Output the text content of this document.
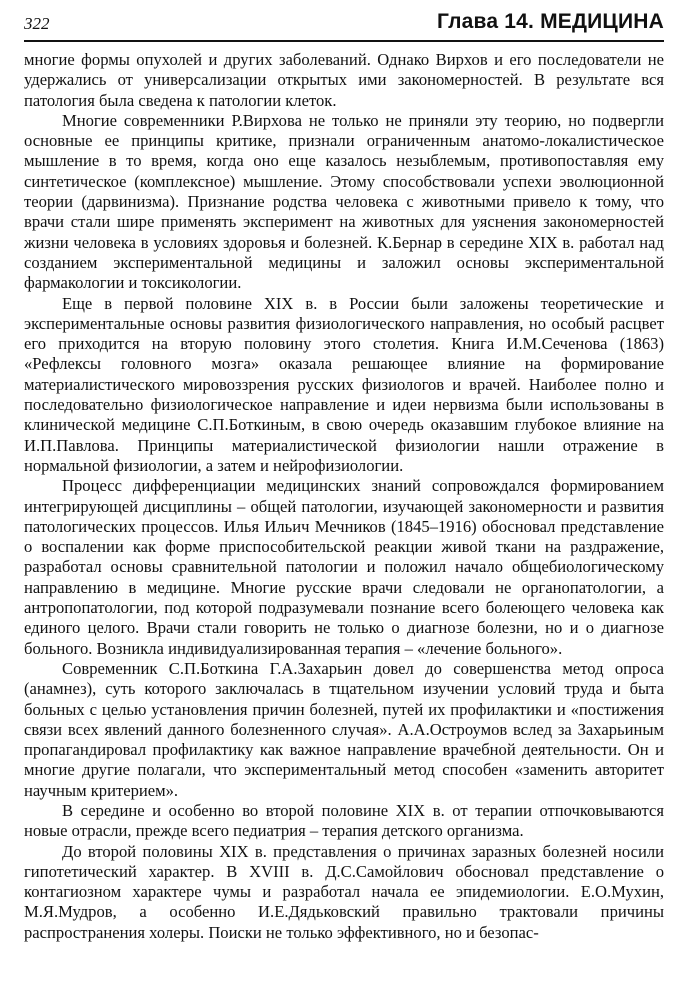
322	Глава 14. МЕДИЦИНА

многие формы опухолей и других заболеваний. Однако Вирхов и его последователи не удержались от универсализации открытых ими закономерностей. В результате вся патология была сведена к патологии клеток.

Многие современники Р.Вирхова не только не приняли эту теорию, но подвергли основные ее принципы критике, признали ограниченным анатомо-локалистическое мышление в то время, когда оно еще казалось незыблемым, противопоставляя ему синтетическое (комплексное) мышление. Этому способствовали успехи эволюционной теории (дарвинизма). Признание родства человека с животными привело к тому, что врачи стали шире применять эксперимент на животных для уяснения закономерностей жизни человека в условиях здоровья и болезней. К.Бернар в середине XIX в. работал над созданием экспериментальной медицины и заложил основы экспериментальной фармакологии и токсикологии.

Еще в первой половине XIX в. в России были заложены теоретические и экспериментальные основы развития физиологического направления, но особый расцвет его приходится на вторую половину этого столетия. Книга И.М.Сеченова (1863) «Рефлексы головного мозга» оказала решающее влияние на формирование материалистического мировоззрения русских физиологов и врачей. Наиболее полно и последовательно физиологическое направление и идеи нервизма были использованы в клинической медицине С.П.Боткиным, в свою очередь оказавшим глубокое влияние на И.П.Павлова. Принципы материалистической физиологии нашли отражение в нормальной физиологии, а затем и нейрофизиологии.

Процесс дифференциации медицинских знаний сопровождался формированием интегрирующей дисциплины – общей патологии, изучающей закономерности и развития патологических процессов. Илья Ильич Мечников (1845–1916) обосновал представление о воспалении как форме приспособительской реакции живой ткани на раздражение, разработал основы сравнительной патологии и положил начало общебиологическому направлению в медицине. Многие русские врачи следовали не органопатологии, а антропопатологии, под которой подразумевали познание всего болеющего человека как единого целого. Врачи стали говорить не только о диагнозе болезни, но и о диагнозе больного. Возникла индивидуализированная терапия – «лечение больного».

Современник С.П.Боткина Г.А.Захарьин довел до совершенства метод опроса (анамнез), суть которого заключалась в тщательном изучении условий труда и быта больных с целью установления причин болезней, путей их профилактики и «постижения связи всех явлений данного болезненного случая». А.А.Остроумов вслед за Захарьиным пропагандировал профилактику как важное направление врачебной деятельности. Он и многие другие полагали, что экспериментальный метод способен «заменить авторитет научным критерием».

В середине и особенно во второй половине XIX в. от терапии отпочковываются новые отрасли, прежде всего педиатрия – терапия детского организма.

До второй половины XIX в. представления о причинах заразных болезней носили гипотетический характер. В XVIII в. Д.С.Самойлович обосновал представление о контагиозном характере чумы и разработал начала ее эпидемиологии. Е.О.Мухин, М.Я.Мудров, а особенно И.Е.Дядьковский правильно трактовали причины распространения холеры. Поиски не только эффективного, но и безопас-
